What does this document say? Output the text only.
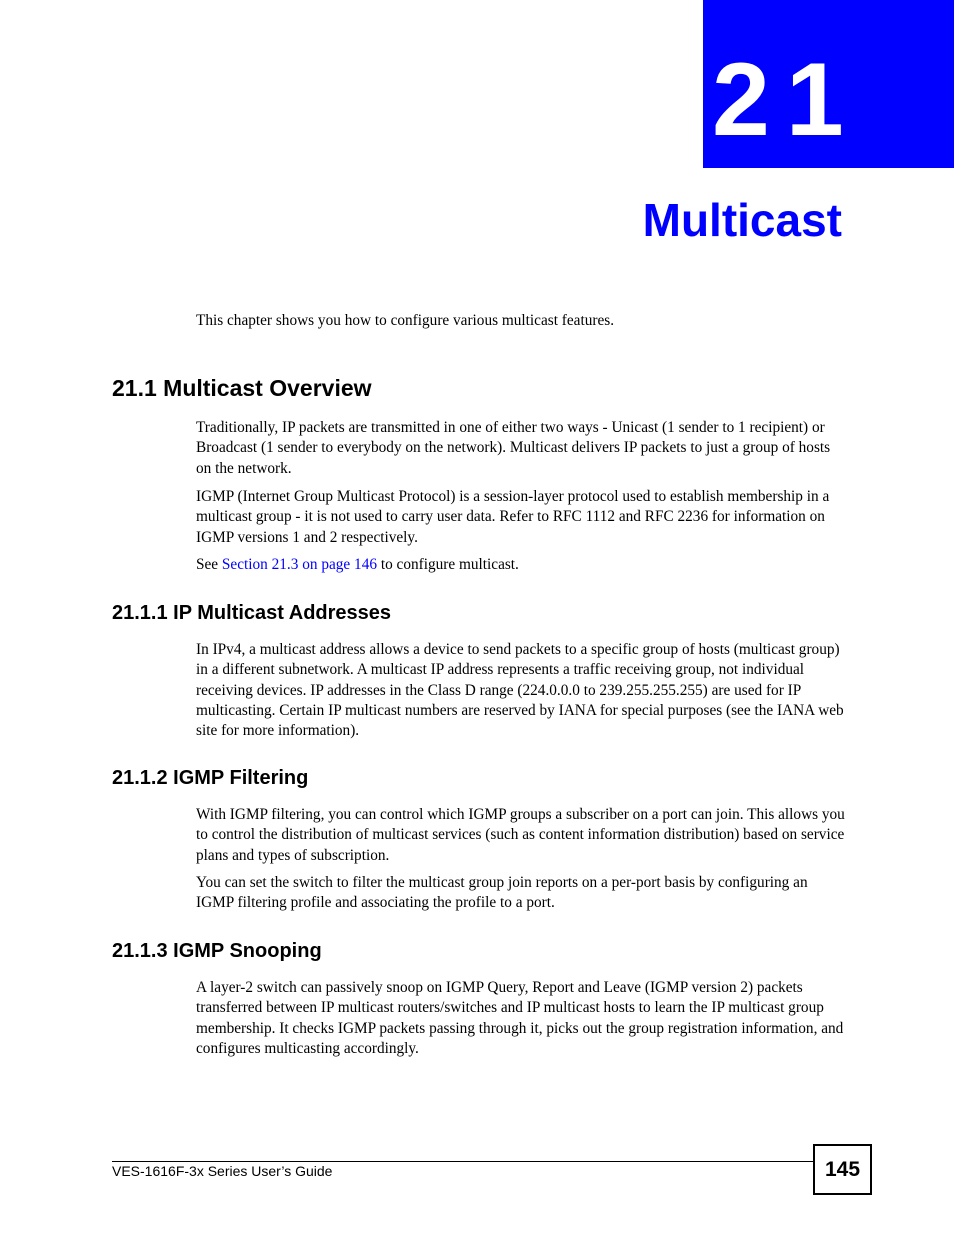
21
Multicast

This chapter shows you how to configure various multicast features.

21.1 Multicast Overview

Traditionally, IP packets are transmitted in one of either two ways - Unicast (1 sender to 1 recipient) or Broadcast (1 sender to everybody on the network). Multicast delivers IP packets to just a group of hosts on the network.

IGMP (Internet Group Multicast Protocol) is a session-layer protocol used to establish membership in a multicast group - it is not used to carry user data. Refer to RFC 1112 and RFC 2236 for information on IGMP versions 1 and 2 respectively.

See Section 21.3 on page 146 to configure multicast.

21.1.1 IP Multicast Addresses

In IPv4, a multicast address allows a device to send packets to a specific group of hosts (multicast group) in a different subnetwork. A multicast IP address represents a traffic receiving group, not individual receiving devices. IP addresses in the Class D range (224.0.0.0 to 239.255.255.255) are used for IP multicasting. Certain IP multicast numbers are reserved by IANA for special purposes (see the IANA web site for more information).

21.1.2 IGMP Filtering

With IGMP filtering, you can control which IGMP groups a subscriber on a port can join. This allows you to control the distribution of multicast services (such as content information distribution) based on service plans and types of subscription.

You can set the switch to filter the multicast group join reports on a per-port basis by configuring an IGMP filtering profile and associating the profile to a port.

21.1.3 IGMP Snooping

A layer-2 switch can passively snoop on IGMP Query, Report and Leave (IGMP version 2) packets transferred between IP multicast routers/switches and IP multicast hosts to learn the IP multicast group membership. It checks IGMP packets passing through it, picks out the group registration information, and configures multicasting accordingly.

VES-1616F-3x Series User’s Guide	145
